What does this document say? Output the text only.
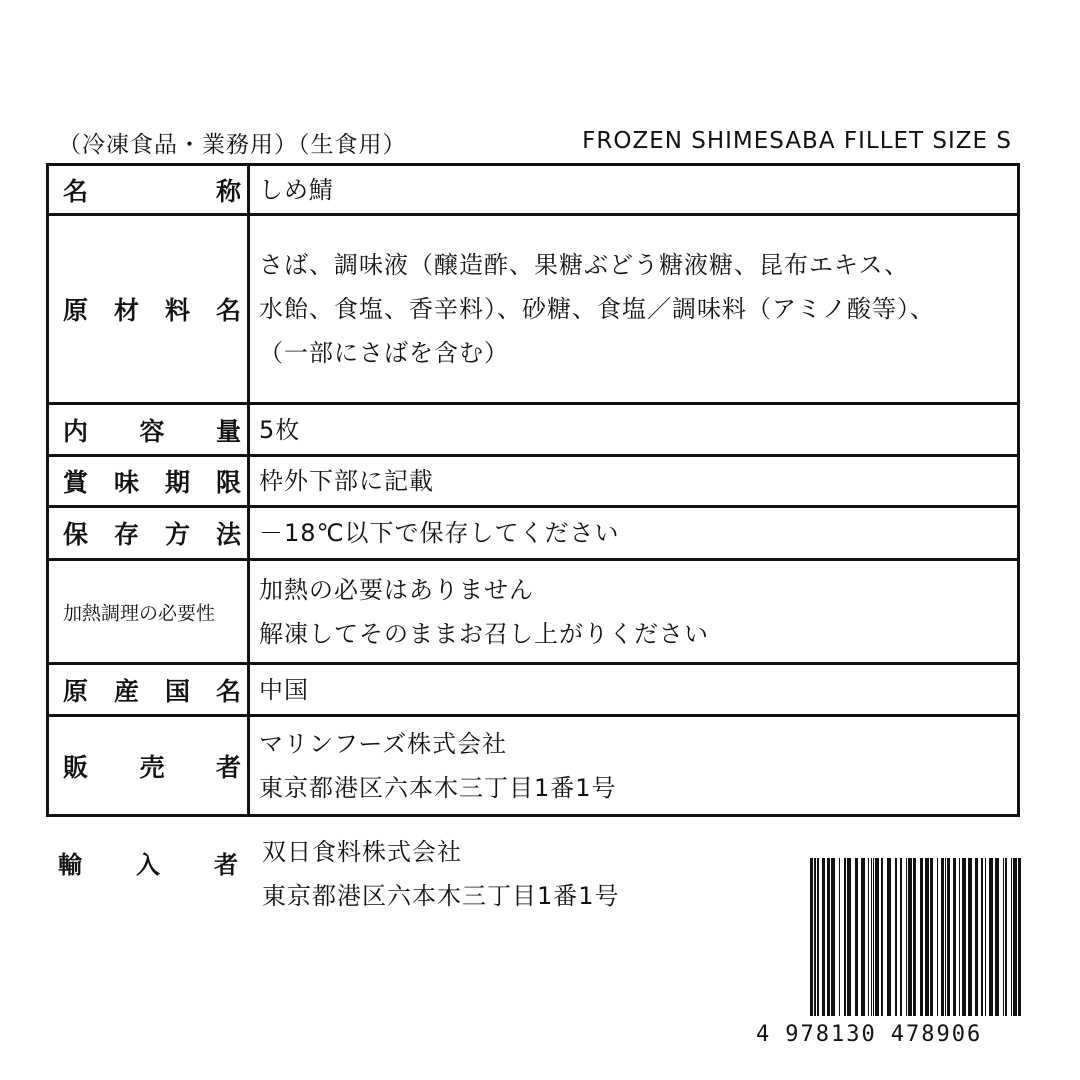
（冷凍食品・業務用）（生食用）	FROZEN SHIMESABA FILLET SIZE S
名	称 しめ鯖
原 材 料 名
さば、調味液（醸造酢、果糖ぶどう糖液糖、昆布エキス、
水飴、食塩、香辛料）、砂糖、食塩／調味料（アミノ酸等）、
（一部にさばを含む）
内 容 量 5枚
賞 味 期 限 枠外下部に記載
保 存 方 法 －18℃以下で保存してください
加熱調理の必要性
加熱の必要はありません
解凍してそのままお召し上がりください
原 産 国 名 中国
販 売 者
マリンフーズ株式会社
東京都港区六本木三丁目1番1号
輸 入 者 双日食料株式会社
東京都港区六本木三丁目1番1号
4 978130 478906
